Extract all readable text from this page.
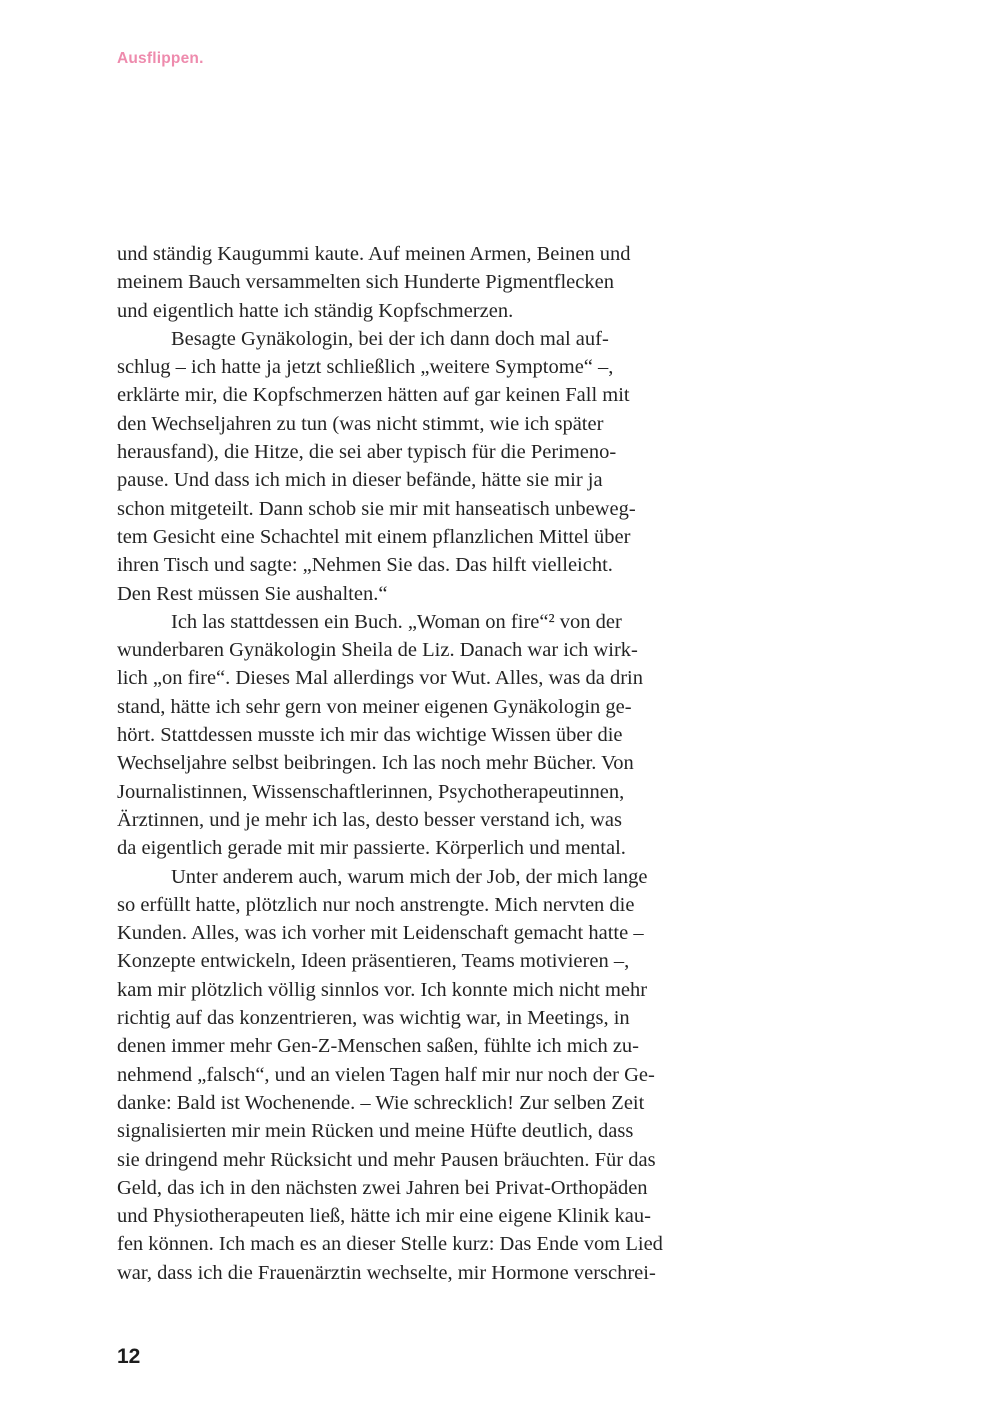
Ausflippen.
und ständig Kaugummi kaute. Auf meinen Armen, Beinen und
meinem Bauch versammelten sich Hunderte Pigmentflecken
und eigentlich hatte ich ständig Kopfschmerzen.
Besagte Gynäkologin, bei der ich dann doch mal auf-
schlug – ich hatte ja jetzt schließlich „weitere Symptome“ –,
erklärte mir, die Kopfschmerzen hätten auf gar keinen Fall mit
den Wechseljahren zu tun (was nicht stimmt, wie ich später
herausfand), die Hitze, die sei aber typisch für die Perimeno-
pause. Und dass ich mich in dieser befände, hätte sie mir ja
schon mitgeteilt. Dann schob sie mir mit hanseatisch unbeweg-
tem Gesicht eine Schachtel mit einem pflanzlichen Mittel über
ihren Tisch und sagte: „Nehmen Sie das. Das hilft vielleicht.
Den Rest müssen Sie aushalten.“
Ich las stattdessen ein Buch. „Woman on fire“² von der
wunderbaren Gynäkologin Sheila de Liz. Danach war ich wirk-
lich „on fire“. Dieses Mal allerdings vor Wut. Alles, was da drin
stand, hätte ich sehr gern von meiner eigenen Gynäkologin ge-
hört. Stattdessen musste ich mir das wichtige Wissen über die
Wechseljahre selbst beibringen. Ich las noch mehr Bücher. Von
Journalistinnen, Wissenschaftlerinnen, Psychotherapeutinnen,
Ärztinnen, und je mehr ich las, desto besser verstand ich, was
da eigentlich gerade mit mir passierte. Körperlich und mental.
Unter anderem auch, warum mich der Job, der mich lange
so erfüllt hatte, plötzlich nur noch anstrengte. Mich nervten die
Kunden. Alles, was ich vorher mit Leidenschaft gemacht hatte –
Konzepte entwickeln, Ideen präsentieren, Teams motivieren –,
kam mir plötzlich völlig sinnlos vor. Ich konnte mich nicht mehr
richtig auf das konzentrieren, was wichtig war, in Meetings, in
denen immer mehr Gen-Z-Menschen saßen, fühlte ich mich zu-
nehmend „falsch“, und an vielen Tagen half mir nur noch der Ge-
danke: Bald ist Wochenende. – Wie schrecklich! Zur selben Zeit
signalisierten mir mein Rücken und meine Hüfte deutlich, dass
sie dringend mehr Rücksicht und mehr Pausen bräuchten. Für das
Geld, das ich in den nächsten zwei Jahren bei Privat-Orthopäden
und Physiotherapeuten ließ, hätte ich mir eine eigene Klinik kau-
fen können. Ich mach es an dieser Stelle kurz: Das Ende vom Lied
war, dass ich die Frauenärztin wechselte, mir Hormone verschrei-
12
